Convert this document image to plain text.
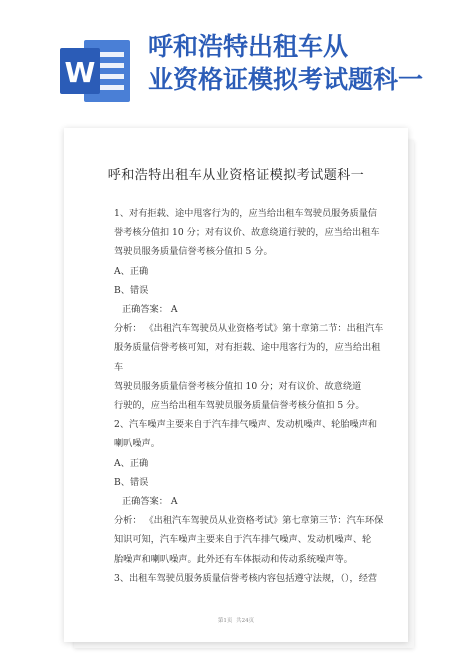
W
呼和浩特出租车从
业资格证模拟考试题科一
呼和浩特出租车从业资格证模拟考试题科一

1、对有拒载、途中甩客行为的，应当给出租车驾驶员服务质量信

誉考核分值扣 10 分；对有议价、故意绕道行驶的，应当给出租车

驾驶员服务质量信誉考核分值扣 5 分。

A、正确

B、错误

正确答案： A

分析： 《出租汽车驾驶员从业资格考试》第十章第二节：出租汽车

服务质量信誉考核可知，对有拒载、途中甩客行为的，应当给出租车

驾驶员服务质量信誉考核分值扣 10 分；对有议价、故意绕道

行驶的，应当给出租车驾驶员服务质量信誉考核分值扣 5 分。

2、汽车噪声主要来自于汽车排气噪声、发动机噪声、轮胎噪声和

喇叭噪声。

A、正确

B、错误

正确答案： A

分析： 《出租汽车驾驶员从业资格考试》第七章第三节：汽车环保

知识可知，汽车噪声主要来自于汽车排气噪声、发动机噪声、轮

胎噪声和喇叭噪声。此外还有车体振动和传动系统噪声等。

3、出租车驾驶员服务质量信誉考核内容包括遵守法规，（），经营

第1页 共24页
